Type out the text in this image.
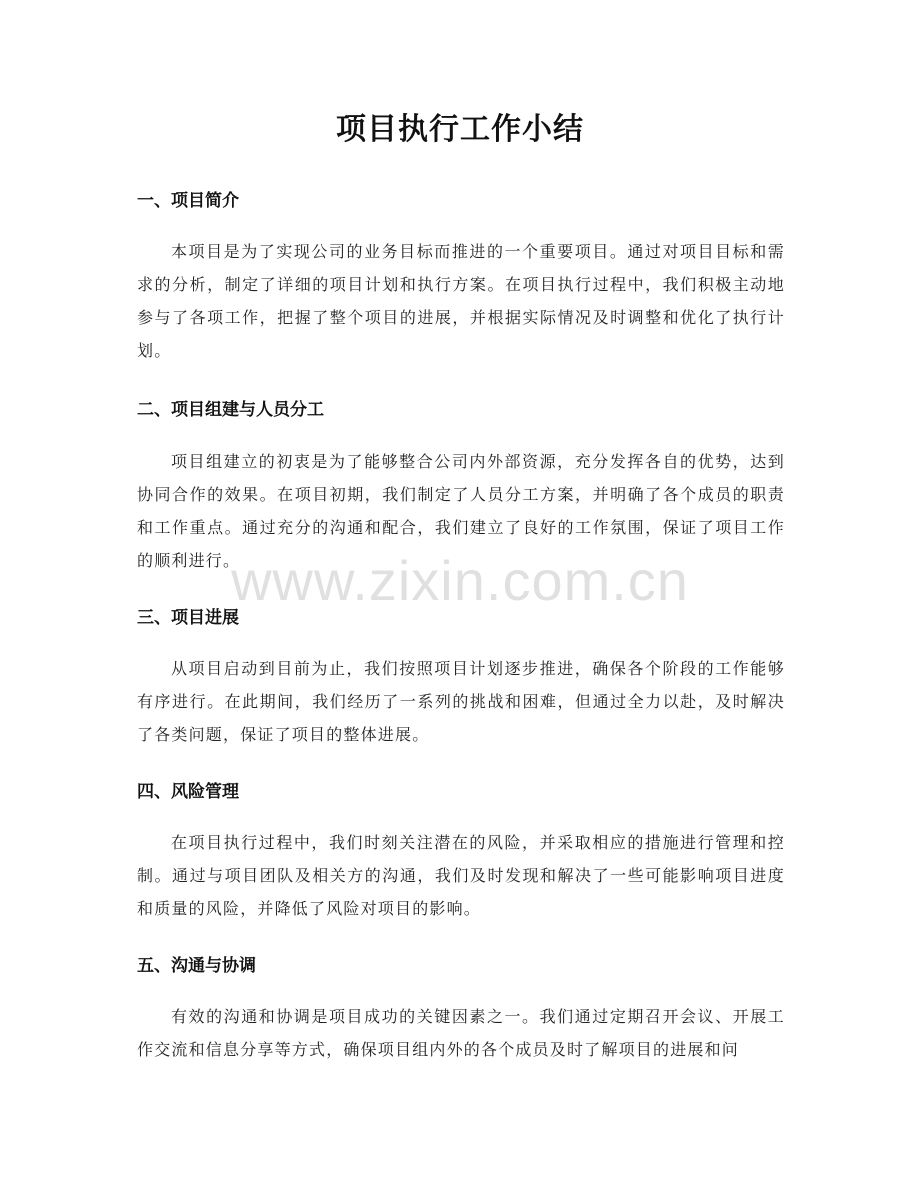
项目执行工作小结
一、项目简介

本项目是为了实现公司的业务目标而推进的一个重要项目。通过对项目目标和需求的分析，制定了详细的项目计划和执行方案。在项目执行过程中，我们积极主动地参与了各项工作，把握了整个项目的进展，并根据实际情况及时调整和优化了执行计划。

二、项目组建与人员分工

项目组建立的初衷是为了能够整合公司内外部资源，充分发挥各自的优势，达到协同合作的效果。在项目初期，我们制定了人员分工方案，并明确了各个成员的职责和工作重点。通过充分的沟通和配合，我们建立了良好的工作氛围，保证了项目工作的顺利进行。

三、项目进展

从项目启动到目前为止，我们按照项目计划逐步推进，确保各个阶段的工作能够有序进行。在此期间，我们经历了一系列的挑战和困难，但通过全力以赴，及时解决了各类问题，保证了项目的整体进展。

四、风险管理

在项目执行过程中，我们时刻关注潜在的风险，并采取相应的措施进行管理和控制。通过与项目团队及相关方的沟通，我们及时发现和解决了一些可能影响项目进度和质量的风险，并降低了风险对项目的影响。

五、沟通与协调

有效的沟通和协调是项目成功的关键因素之一。我们通过定期召开会议、开展工作交流和信息分享等方式，确保项目组内外的各个成员及时了解项目的进展和问

www.zixin.com.cn
